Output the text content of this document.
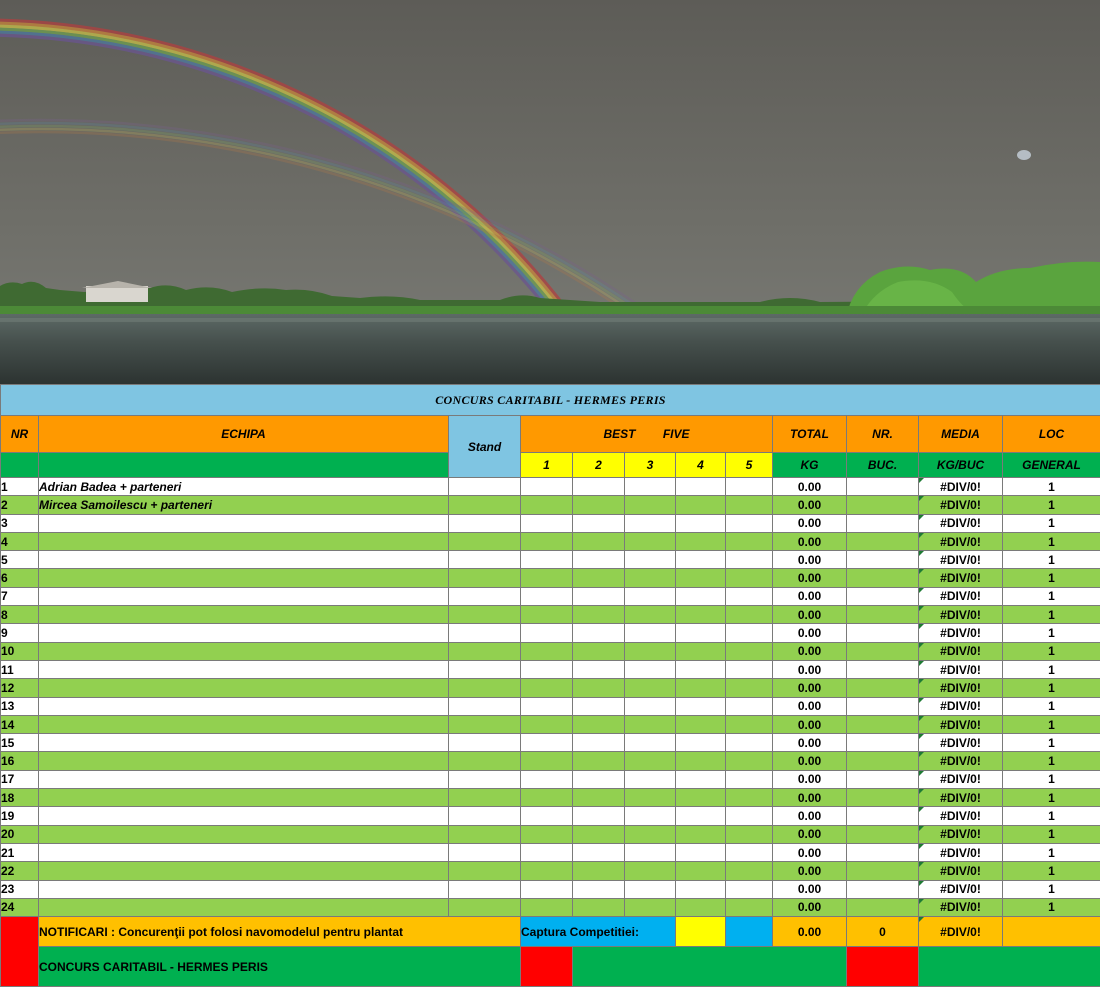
CONCURS CARITABIL - HERMES PERIS											
NR	ECHIPA	Stand	BEST FIVE					TOTAL	NR.	MEDIA	LOC
			1	2	3	4	5	KG	BUC.	KG/BUC	GENERAL
1	Adrian Badea + parteneri							0.00		#DIV/0!	1
2	Mircea Samoilescu + parteneri							0.00		#DIV/0!	1
3								0.00		#DIV/0!	1
4								0.00		#DIV/0!	1
5								0.00		#DIV/0!	1
6								0.00		#DIV/0!	1
7								0.00		#DIV/0!	1
8								0.00		#DIV/0!	1
9								0.00		#DIV/0!	1
10								0.00		#DIV/0!	1
11								0.00		#DIV/0!	1
12								0.00		#DIV/0!	1
13								0.00		#DIV/0!	1
14								0.00		#DIV/0!	1
15								0.00		#DIV/0!	1
16								0.00		#DIV/0!	1
17								0.00		#DIV/0!	1
18								0.00		#DIV/0!	1
19								0.00		#DIV/0!	1
20								0.00		#DIV/0!	1
21								0.00		#DIV/0!	1
22								0.00		#DIV/0!	1
23								0.00		#DIV/0!	1
24								0.00		#DIV/0!	1
	NOTIFICARI : Concurenţii pot folosi navomodelul pentru plantat		Captura Competitiei:					0.00	0	#DIV/0!	
	CONCURS CARITABIL - HERMES PERIS										
